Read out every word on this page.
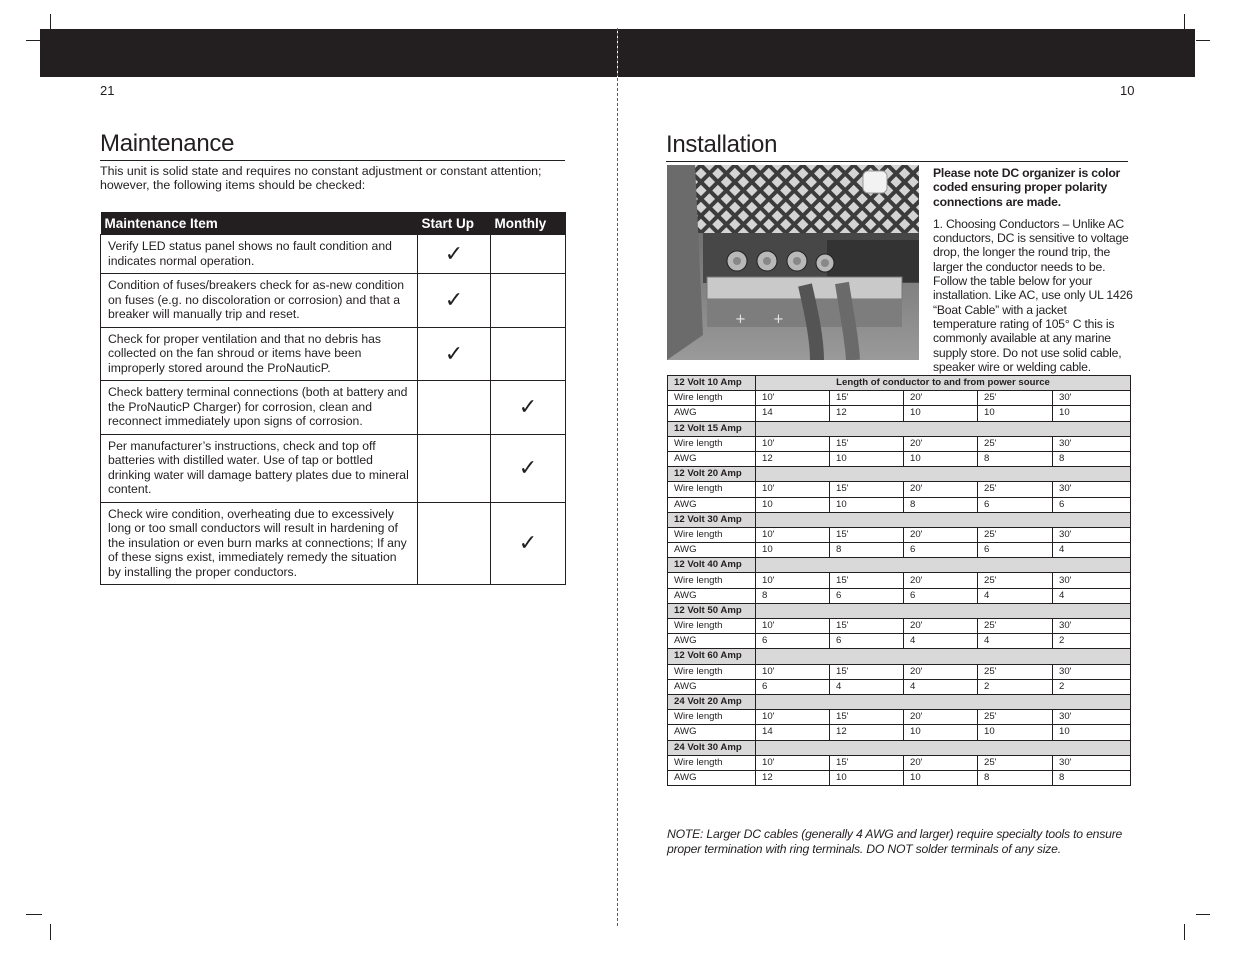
21
Maintenance
This unit is solid state and requires no constant adjustment or constant attention; however, the following items should be checked:
Maintenance Item	Start Up	Monthly
Verify LED status panel shows no fault condition and indicates normal operation.	✓	
Condition of fuses/breakers check for as-new condition on fuses (e.g. no discoloration or corrosion) and that a breaker will manually trip and reset.	✓	
Check for proper ventilation and that no debris has collected on the fan shroud or items have been improperly stored around the ProNauticP.	✓	
Check battery terminal connections (both at battery and the ProNauticP Charger) for corrosion, clean and reconnect immediately upon signs of corrosion.		✓
Per manufacturer’s instructions, check and top off batteries with distilled water. Use of tap or bottled drinking water will damage battery plates due to mineral content.		✓
Check wire condition, overheating due to excessively long or too small conductors will result in hardening of the insulation or even burn marks at connections; If any of these signs exist, immediately remedy the situation by installing the proper conductors.		✓
10
Installation
+ +

Please note DC organizer is color coded ensuring proper polarity connections are made.

1. Choosing Conductors – Unlike AC conductors, DC is sensitive to voltage drop, the longer the round trip, the larger the conductor needs to be. Follow the table below for your installation. Like AC, use only UL 1426 “Boat Cable” with a jacket temperature rating of 105° C this is commonly available at any marine supply store. Do not use solid cable, speaker wire or welding cable.

12 Volt 10 Amp	Length of conductor to and from power source				
Wire length	10'	15'	20'	25'	30'
AWG	14	12	10	10	10
12 Volt 15 Amp					
Wire length	10'	15'	20'	25'	30'
AWG	12	10	10	8	8
12 Volt 20 Amp					
Wire length	10'	15'	20'	25'	30'
AWG	10	10	8	6	6
12 Volt 30 Amp					
Wire length	10'	15'	20'	25'	30'
AWG	10	8	6	6	4
12 Volt 40 Amp					
Wire length	10'	15'	20'	25'	30'
AWG	8	6	6	4	4
12 Volt 50 Amp					
Wire length	10'	15'	20'	25'	30'
AWG	6	6	4	4	2
12 Volt 60 Amp					
Wire length	10'	15'	20'	25'	30'
AWG	6	4	4	2	2
24 Volt 20 Amp					
Wire length	10'	15'	20'	25'	30'
AWG	14	12	10	10	10
24 Volt 30 Amp					
Wire length	10'	15'	20'	25'	30'
AWG	12	10	10	8	8
NOTE: Larger DC cables (generally 4 AWG and larger) require specialty tools to ensure proper termination with ring terminals. DO NOT solder terminals of any size.
